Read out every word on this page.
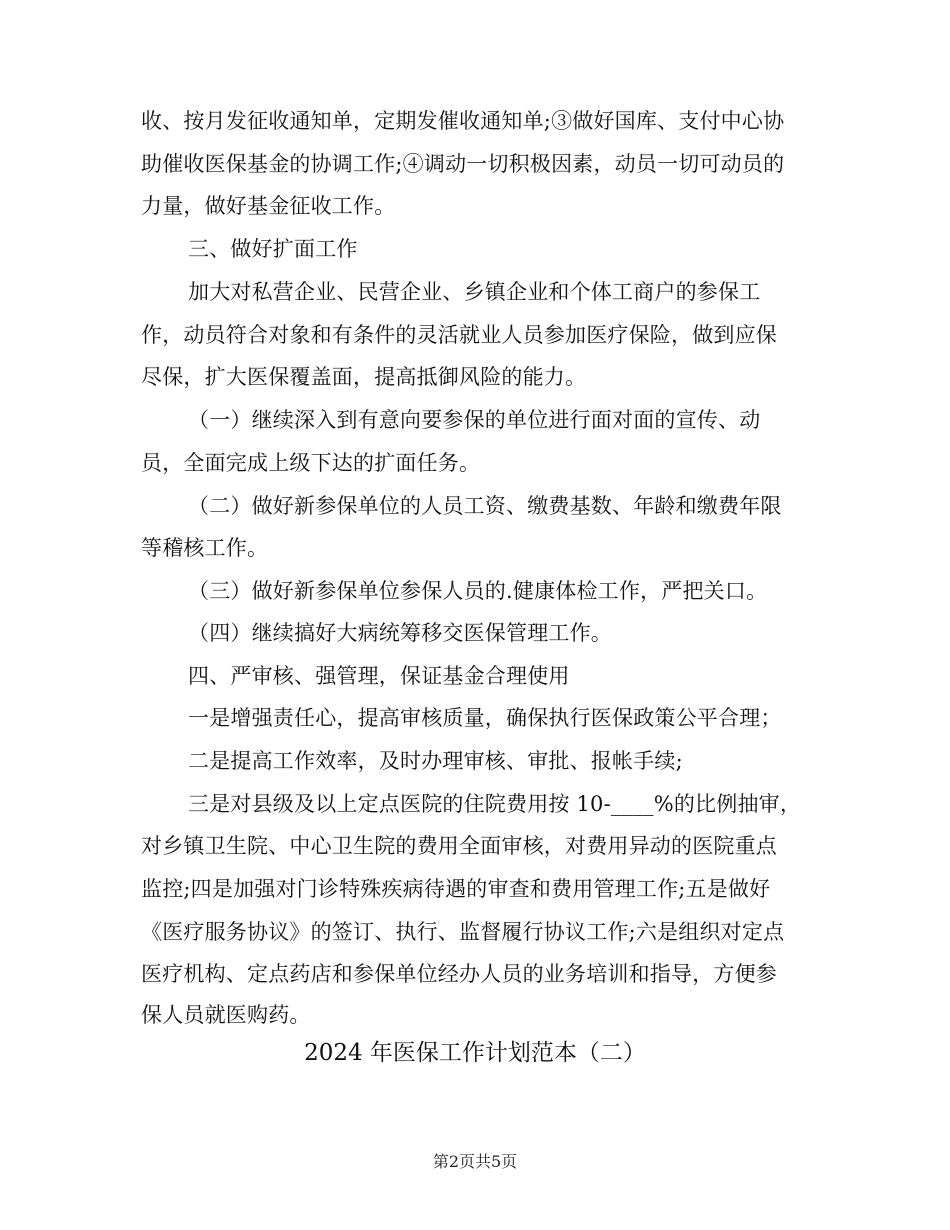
收、按月发征收通知单，定期发催收通知单;③做好国库、支付中心协
助催收医保基金的协调工作;④调动一切积极因素，动员一切可动员的
力量，做好基金征收工作。
三、做好扩面工作
加大对私营企业、民营企业、乡镇企业和个体工商户的参保工
作，动员符合对象和有条件的灵活就业人员参加医疗保险，做到应保
尽保，扩大医保覆盖面，提高抵御风险的能力。
（一）继续深入到有意向要参保的单位进行面对面的宣传、动
员，全面完成上级下达的扩面任务。
（二）做好新参保单位的人员工资、缴费基数、年龄和缴费年限
等稽核工作。
（三）做好新参保单位参保人员的.健康体检工作，严把关口。
（四）继续搞好大病统筹移交医保管理工作。
四、严审核、强管理，保证基金合理使用
一是增强责任心，提高审核质量，确保执行医保政策公平合理；
二是提高工作效率，及时办理审核、审批、报帐手续;
三是对县级及以上定点医院的住院费用按 10-____%的比例抽审，
对乡镇卫生院、中心卫生院的费用全面审核，对费用异动的医院重点
监控;四是加强对门诊特殊疾病待遇的审查和费用管理工作;五是做好
《医疗服务协议》的签订、执行、监督履行协议工作;六是组织对定点
医疗机构、定点药店和参保单位经办人员的业务培训和指导，方便参
保人员就医购药。
2024 年医保工作计划范本（二）
第2页共5页
